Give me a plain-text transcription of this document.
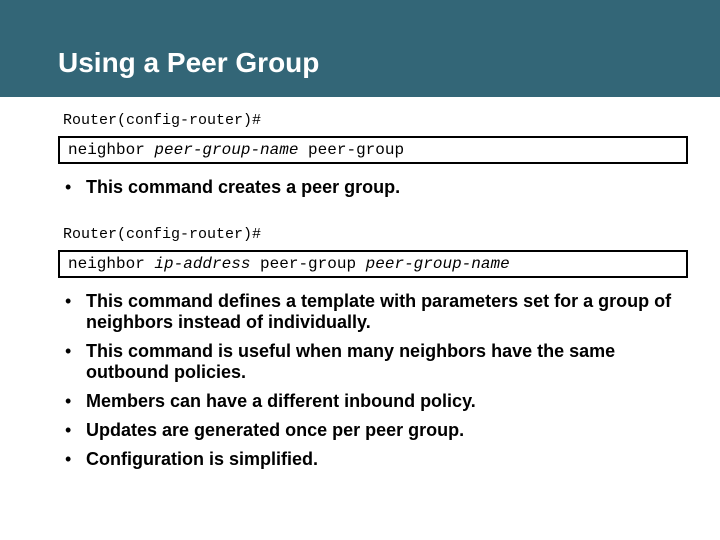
Using a Peer Group
Router(config-router)#
neighbor peer-group-name peer-group
• This command creates a peer group.
Router(config-router)#
neighbor ip-address peer-group peer-group-name
• This command defines a template with parameters set for a group of neighbors instead of individually.
• This command is useful when many neighbors have the same outbound policies.
• Members can have a different inbound policy.
• Updates are generated once per peer group.
• Configuration is simplified.
